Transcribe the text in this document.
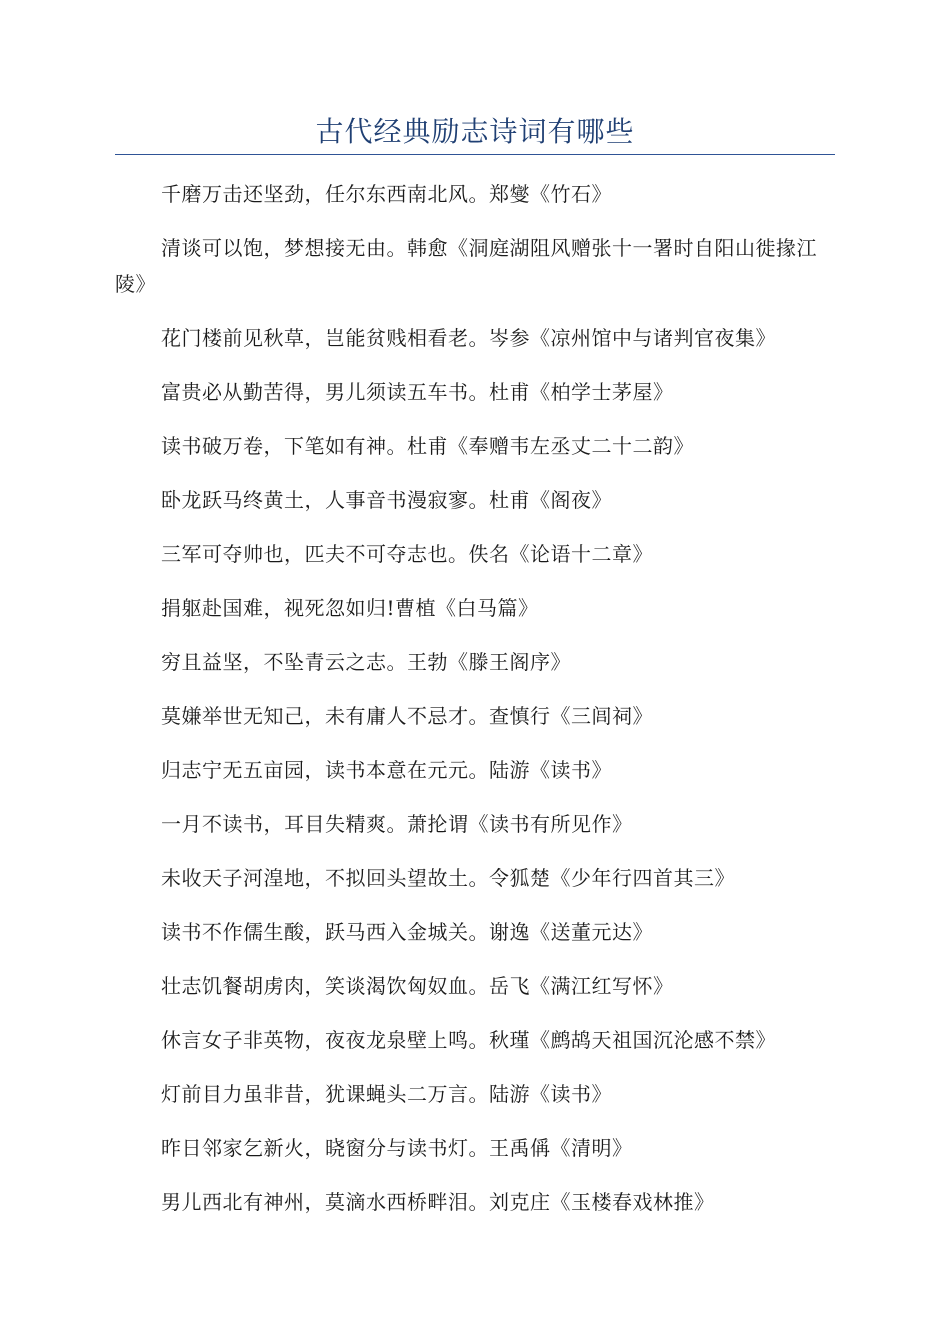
古代经典励志诗词有哪些
千磨万击还坚劲，任尔东西南北风。郑燮《竹石》
清谈可以饱，梦想接无由。韩愈《洞庭湖阻风赠张十一署时自阳山徙掾江陵》
花门楼前见秋草，岂能贫贱相看老。岑参《凉州馆中与诸判官夜集》
富贵必从勤苦得，男儿须读五车书。杜甫《柏学士茅屋》
读书破万卷，下笔如有神。杜甫《奉赠韦左丞丈二十二韵》
卧龙跃马终黄土，人事音书漫寂寥。杜甫《阁夜》
三军可夺帅也，匹夫不可夺志也。佚名《论语十二章》
捐躯赴国难，视死忽如归!曹植《白马篇》
穷且益坚，不坠青云之志。王勃《滕王阁序》
莫嫌举世无知己，未有庸人不忌才。查慎行《三闾祠》
归志宁无五亩园，读书本意在元元。陆游《读书》
一月不读书，耳目失精爽。萧抡谓《读书有所见作》
未收天子河湟地，不拟回头望故土。令狐楚《少年行四首其三》
读书不作儒生酸，跃马西入金城关。谢逸《送董元达》
壮志饥餐胡虏肉，笑谈渴饮匈奴血。岳飞《满江红写怀》
休言女子非英物，夜夜龙泉壁上鸣。秋瑾《鹧鸪天祖国沉沦感不禁》
灯前目力虽非昔，犹课蝇头二万言。陆游《读书》
昨日邻家乞新火，晓窗分与读书灯。王禹偁《清明》
男儿西北有神州，莫滴水西桥畔泪。刘克庄《玉楼春戏林推》
